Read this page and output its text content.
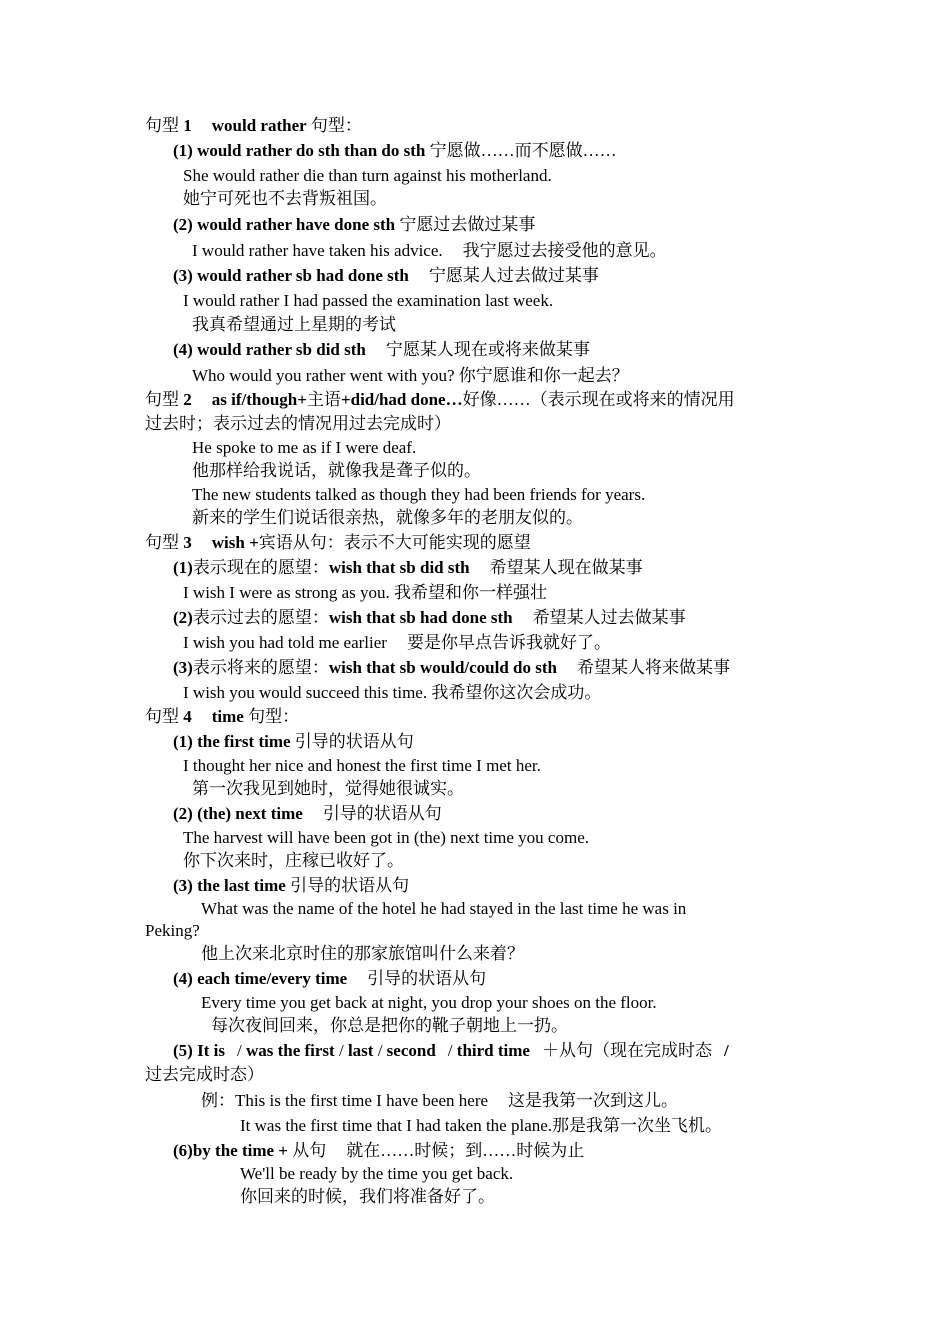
句型 1 would rather 句型：
(1) would rather do sth than do sth 宁愿做……而不愿做……
She would rather die than turn against his motherland.
她宁可死也不去背叛祖国。
(2) would rather have done sth 宁愿过去做过某事
I would rather have taken his advice. 我宁愿过去接受他的意见。
(3) would rather sb had done sth 宁愿某人过去做过某事
I would rather I had passed the examination last week.
我真希望通过上星期的考试
(4) would rather sb did sth 宁愿某人现在或将来做某事
Who would you rather went with you? 你宁愿谁和你一起去？
句型 2 as if/though+主语+did/had done…好像……（表示现在或将来的情况用
过去时；表示过去的情况用过去完成时）
He spoke to me as if I were deaf.
他那样给我说话，就像我是聋子似的。
The new students talked as though they had been friends for years.
新来的学生们说话很亲热，就像多年的老朋友似的。
句型 3 wish +宾语从句：表示不大可能实现的愿望
(1)表示现在的愿望：wish that sb did sth 希望某人现在做某事
I wish I were as strong as you. 我希望和你一样强壮
(2)表示过去的愿望：wish that sb had done sth 希望某人过去做某事
I wish you had told me earlier 要是你早点告诉我就好了。
(3)表示将来的愿望：wish that sb would/could do sth 希望某人将来做某事
I wish you would succeed this time. 我希望你这次会成功。
句型 4 time 句型：
(1) the first time 引导的状语从句
I thought her nice and honest the first time I met her.
第一次我见到她时，觉得她很诚实。
(2) (the) next time 引导的状语从句
The harvest will have been got in (the) next time you come.
你下次来时，庄稼已收好了。
(3) the last time 引导的状语从句
What was the name of the hotel he had stayed in the last time he was in
Peking?
他上次来北京时住的那家旅馆叫什么来着？
(4) each time/every time 引导的状语从句
Every time you get back at night, you drop your shoes on the floor.
每次夜间回来，你总是把你的靴子朝地上一扔。
(5) It is / was the first / last / second / third time ＋从句（现在完成时态 /
过去完成时态）
例：This is the first time I have been here 这是我第一次到这儿。
It was the first time that I had taken the plane.那是我第一次坐飞机。
(6)by the time + 从句 就在……时候；到……时候为止
We'll be ready by the time you get back.
你回来的时候，我们将准备好了。
